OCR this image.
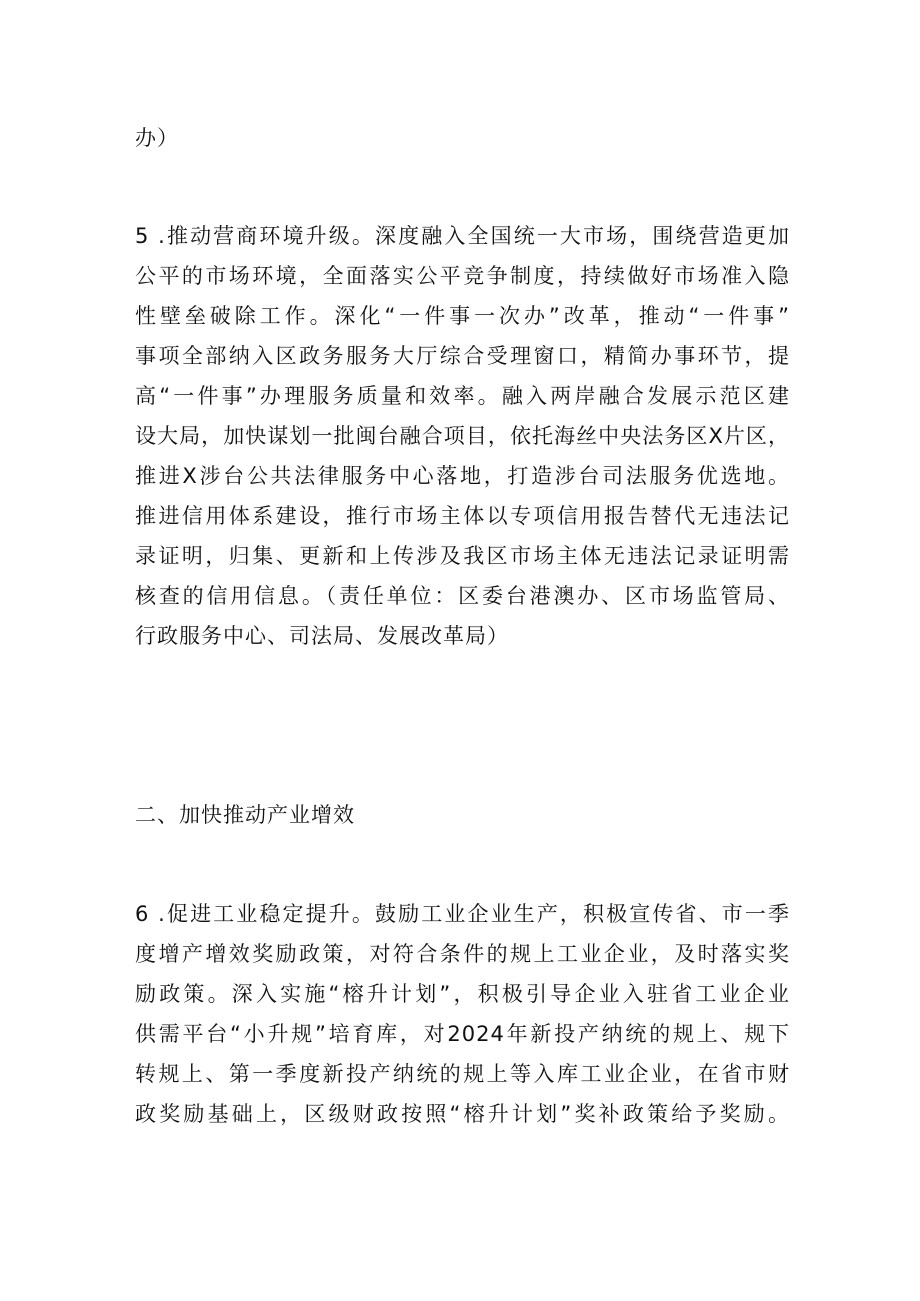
办）
5 .推动营商环境升级。深度融入全国统一大市场，围绕营造更加
公平的市场环境，全面落实公平竞争制度，持续做好市场准入隐
性壁垒破除工作。深化“一件事一次办”改革，推动“一件事”
事项全部纳入区政务服务大厅综合受理窗口，精简办事环节，提
高“一件事”办理服务质量和效率。融入两岸融合发展示范区建
设大局，加快谋划一批闽台融合项目，依托海丝中央法务区X片区，
推进X涉台公共法律服务中心落地，打造涉台司法服务优选地。
推进信用体系建设，推行市场主体以专项信用报告替代无违法记
录证明，归集、更新和上传涉及我区市场主体无违法记录证明需
核查的信用信息。（责任单位：区委台港澳办、区市场监管局、
行政服务中心、司法局、发展改革局）
二、加快推动产业增效
6 .促进工业稳定提升。鼓励工业企业生产，积极宣传省、市一季
度增产增效奖励政策，对符合条件的规上工业企业，及时落实奖
励政策。深入实施“榕升计划”，积极引导企业入驻省工业企业
供需平台“小升规”培育库，对2024年新投产纳统的规上、规下
转规上、第一季度新投产纳统的规上等入库工业企业，在省市财
政奖励基础上，区级财政按照“榕升计划”奖补政策给予奖励。
